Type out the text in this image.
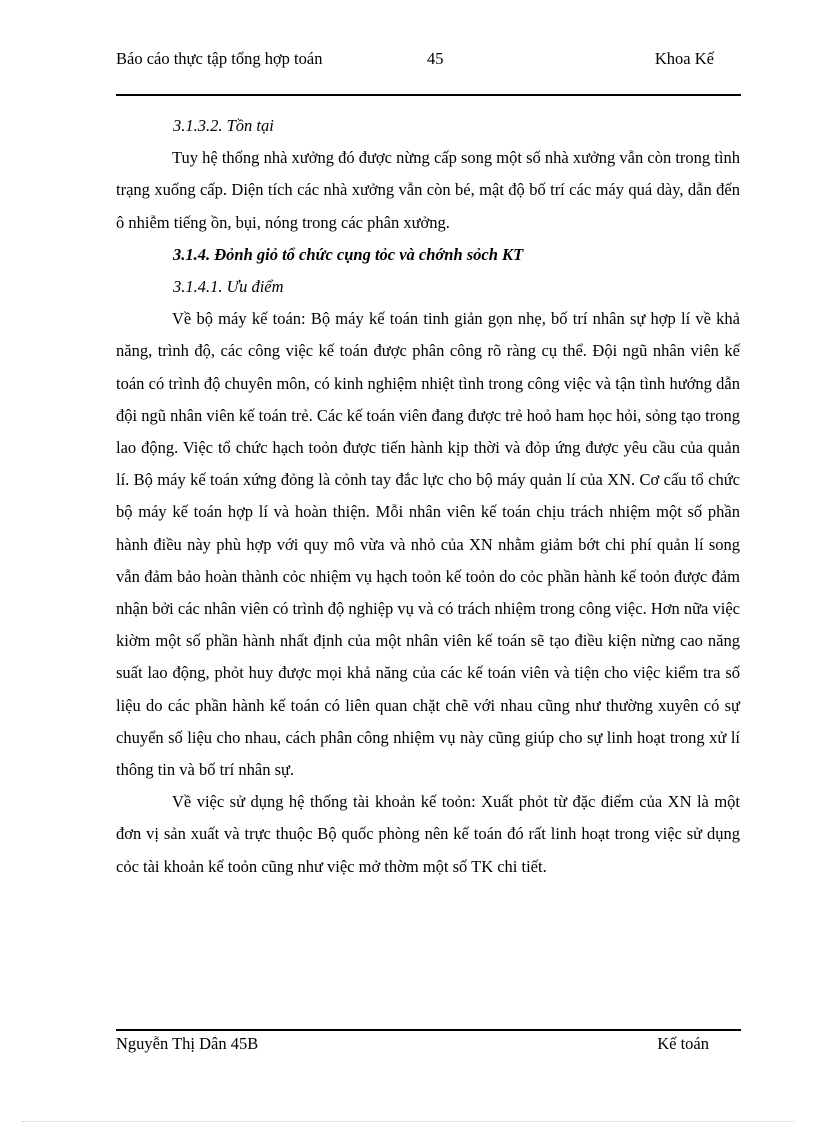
Báo cáo thực tập tổng hợp toán	45	Khoa Kế
3.1.3.2. Tồn tại

Tuy hệ thống nhà xưởng đó được nừng cấp song một số nhà xưởng vẫn còn trong tình trạng xuống cấp. Diện tích các nhà xưởng vẫn còn bé, mật độ bố trí các máy quá dày, dẫn đến ô nhiễm tiếng ồn, bụi, nóng trong các phân xưởng.

3.1.4. Đỏnh giỏ tổ chức cụng tỏc và chớnh sỏch KT
3.1.4.1. Ưu điểm

Về bộ máy kế toán: Bộ máy kế toán tinh giản gọn nhẹ, bố trí nhân sự hợp lí về khả năng, trình độ, các công việc kế toán được phân công rõ ràng cụ thể. Đội ngũ nhân viên kế toán có trình độ chuyên môn, có kinh nghiệm nhiệt tình trong công việc và tận tình hướng dẫn đội ngũ nhân viên kế toán trẻ. Các kế toán viên đang được trẻ hoỏ ham học hỏi, sỏng tạo trong lao động. Việc tổ chức hạch toỏn được tiến hành kịp thời và đỏp ứng được yêu cầu của quản lí. Bộ máy kế toán xứng đỏng là cỏnh tay đắc lực cho bộ máy quản lí của XN. Cơ cấu tổ chức bộ máy kế toán hợp lí và hoàn thiện. Mỗi nhân viên kế toán chịu trách nhiệm một số phần hành điều này phù hợp với quy mô vừa và nhỏ của XN nhằm giảm bớt chi phí quản lí song vẫn đảm bảo hoàn thành cỏc nhiệm vụ hạch toỏn kế toỏn do cỏc phần hành kế toỏn được đảm nhận bởi các nhân viên có trình độ nghiệp vụ và có trách nhiệm trong công việc. Hơn nữa việc kiờm một số phần hành nhất định của một nhân viên kế toán sẽ tạo điều kiện nừng cao năng suất lao động, phỏt huy được mọi khả năng của các kế toán viên và tiện cho việc kiểm tra số liệu do các phần hành kế toán có liên quan chặt chẽ với nhau cũng như thường xuyên có sự chuyển số liệu cho nhau, cách phân công nhiệm vụ này cũng giúp cho sự linh hoạt trong xử lí thông tin và bố trí nhân sự.

Về việc sử dụng hệ thống tài khoản kế toỏn: Xuất phỏt từ đặc điểm của XN là một đơn vị sản xuất và trực thuộc Bộ quốc phòng nên kế toán đó rất linh hoạt trong việc sử dụng cỏc tài khoản kế toỏn cũng như việc mở thờm một số TK chi tiết.

Nguyễn Thị Dân 45B	Kế toán
